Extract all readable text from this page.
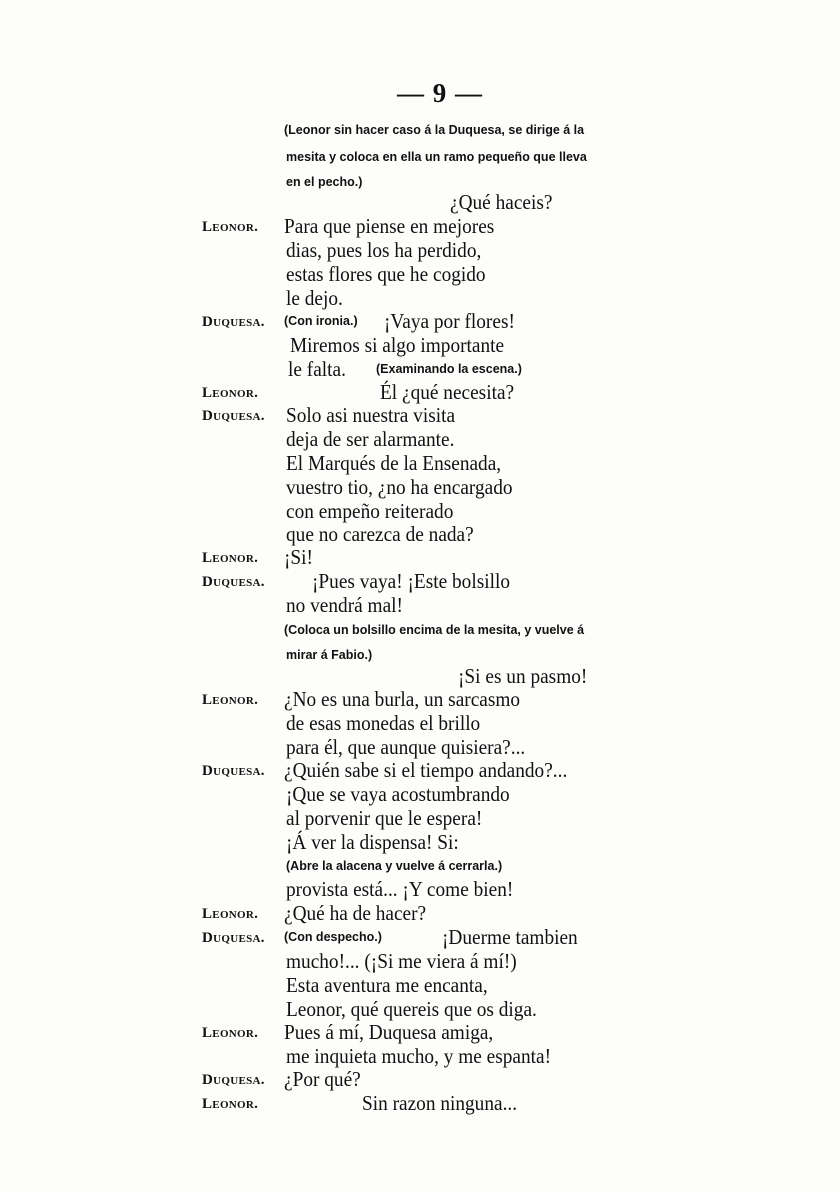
— 9 —
(Leonor sin hacer caso á la Duquesa, se dirige á la
mesita y coloca en ella un ramo pequeño que lleva
en el pecho.)
¿Qué haceis?
Leonor. Para que piense en mejores
dias, pues los ha perdido,
estas flores que he cogido
le dejo.
Duquesa. (Con ironia.) ¡Vaya por flores!
Miremos si algo importante
le falta. (Examinando la escena.)
Leonor.	Él ¿qué necesita?
Duquesa. Solo asi nuestra visita
deja de ser alarmante.
El Marqués de la Ensenada,
vuestro tio, ¿no ha encargado
con empeño reiterado
que no carezca de nada?
Leonor. ¡Si!
Duquesa. ¡Pues vaya! ¡Este bolsillo
no vendrá mal!
(Coloca un bolsillo encima de la mesita, y vuelve á
mirar á Fabio.)
¡Si es un pasmo!
Leonor. ¿No es una burla, un sarcasmo
de esas monedas el brillo
para él, que aunque quisiera?...
Duquesa. ¿Quién sabe si el tiempo andando?...
¡Que se vaya acostumbrando
al porvenir que le espera!
¡Á ver la dispensa! Si:
(Abre la alacena y vuelve á cerrarla.)
provista está... ¡Y come bien!
Leonor. ¿Qué ha de hacer?
Duquesa. (Con despecho.)	¡Duerme tambien
mucho!... (¡Si me viera á mí!)
Esta aventura me encanta,
Leonor, qué quereis que os diga.
Leonor. Pues á mí, Duquesa amiga,
me inquieta mucho, y me espanta!
Duquesa. ¿Por qué?
Leonor.	Sin razon ninguna...
